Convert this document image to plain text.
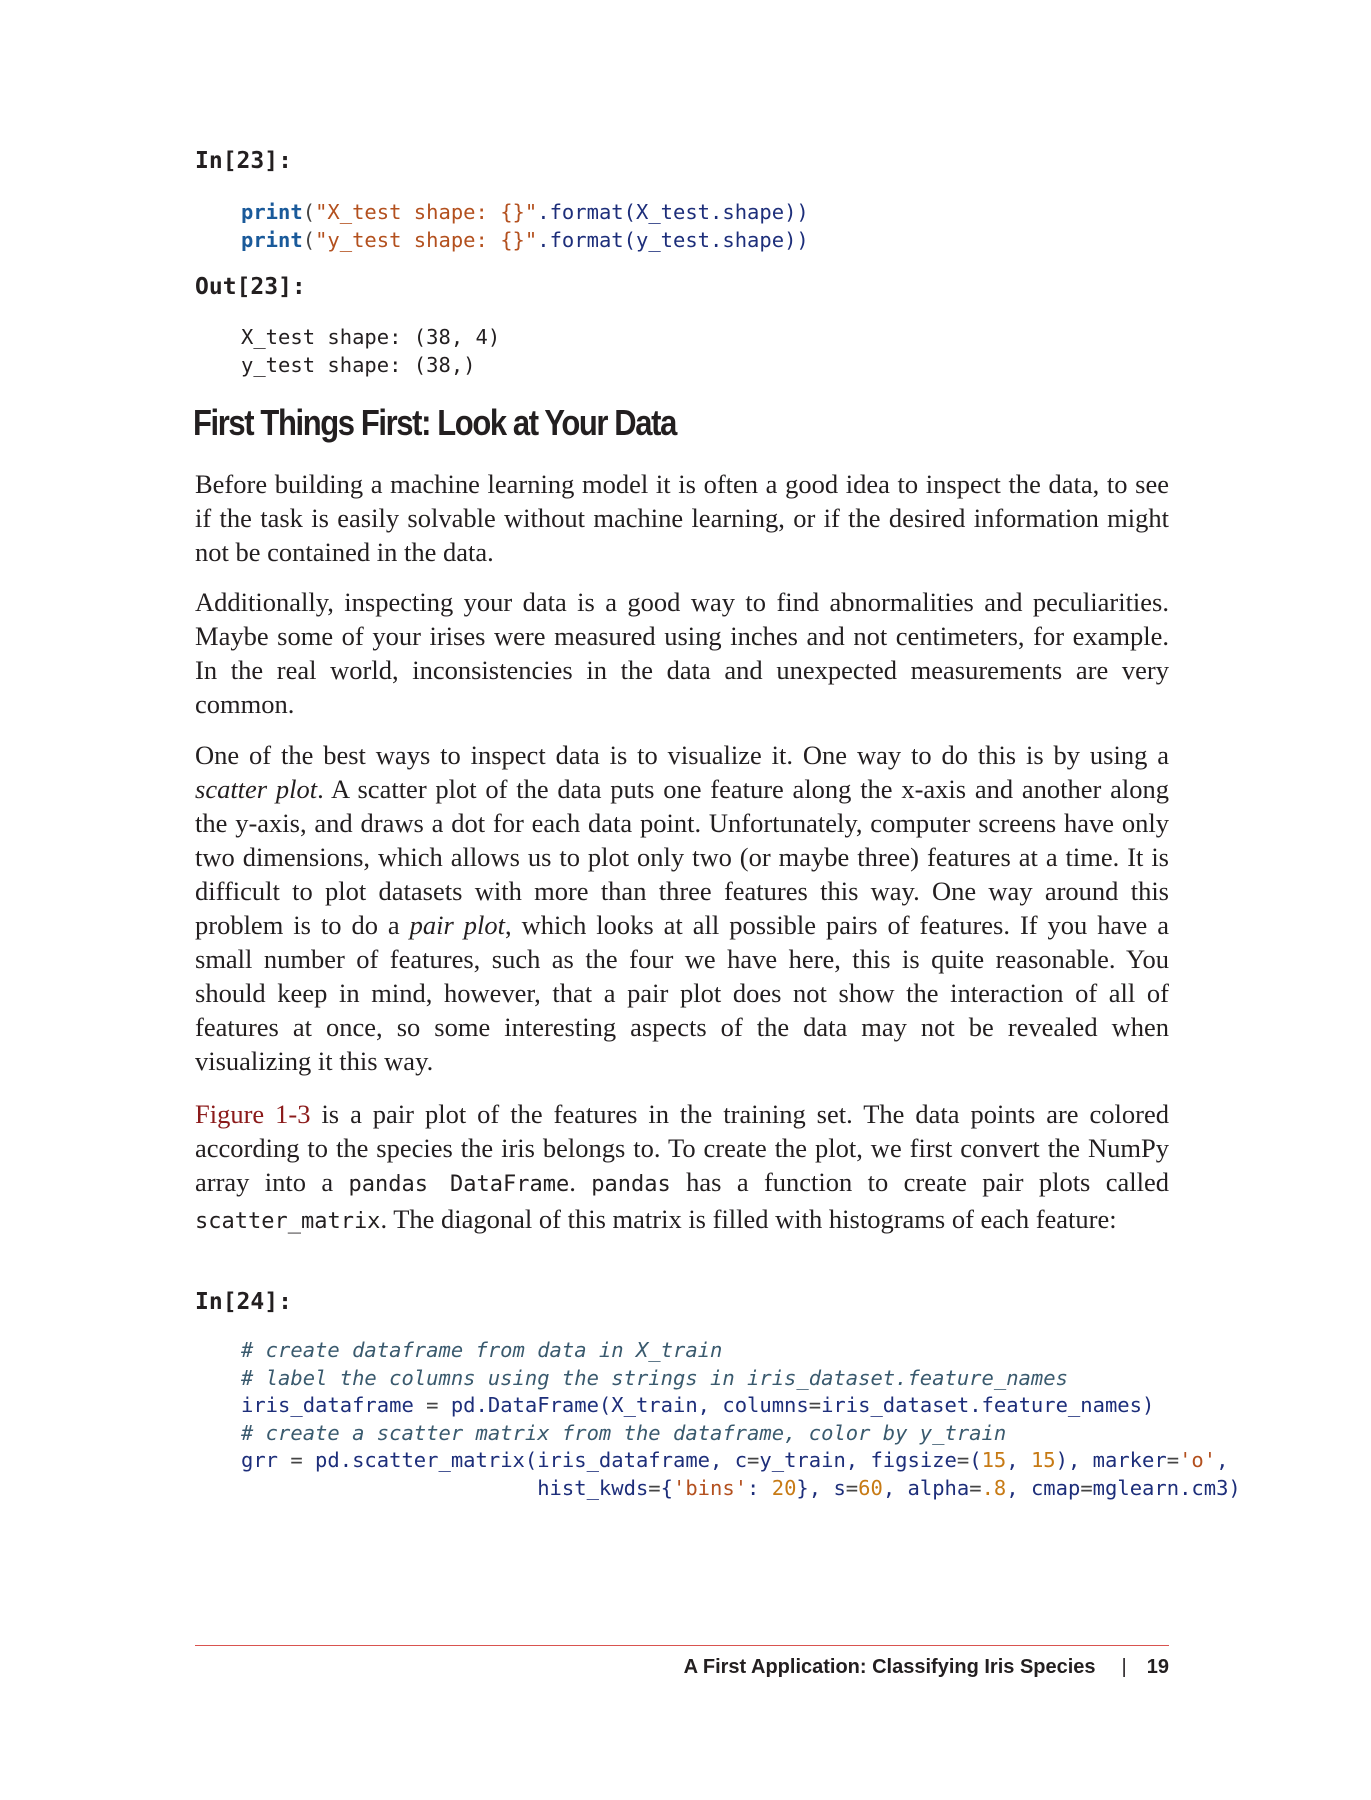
In[23]:

print("X_test shape: {}".format(X_test.shape))
print("y_test shape: {}".format(y_test.shape))

Out[23]:

X_test shape: (38, 4)
y_test shape: (38,)
First Things First: Look at Your Data

Before building a machine learning model it is often a good idea to inspect the data, to see if the task is easily solvable without machine learning, or if the desired information might not be contained in the data.

Additionally, inspecting your data is a good way to find abnormalities and peculiarities. Maybe some of your irises were measured using inches and not centimeters, for example. In the real world, inconsistencies in the data and unexpected measurements are very common.

One of the best ways to inspect data is to visualize it. One way to do this is by using a scatter plot. A scatter plot of the data puts one feature along the x-axis and another along the y-axis, and draws a dot for each data point. Unfortunately, computer screens have only two dimensions, which allows us to plot only two (or maybe three) features at a time. It is difficult to plot datasets with more than three features this way. One way around this problem is to do a pair plot, which looks at all possible pairs of features. If you have a small number of features, such as the four we have here, this is quite reasonable. You should keep in mind, however, that a pair plot does not show the interaction of all of features at once, so some interesting aspects of the data may not be revealed when visualizing it this way.

Figure 1-3 is a pair plot of the features in the training set. The data points are colored according to the species the iris belongs to. To create the plot, we first convert the NumPy array into a pandas DataFrame. pandas has a function to create pair plots called scatter_matrix. The diagonal of this matrix is filled with histograms of each feature:

In[24]:

# create dataframe from data in X_train
# label the columns using the strings in iris_dataset.feature_names
iris_dataframe = pd.DataFrame(X_train, columns=iris_dataset.feature_names)
# create a scatter matrix from the dataframe, color by y_train
grr = pd.scatter_matrix(iris_dataframe, c=y_train, figsize=(15, 15), marker='o',
hist_kwds={'bins': 20}, s=60, alpha=.8, cmap=mglearn.cm3)

A First Application: Classifying Iris Species | 19
